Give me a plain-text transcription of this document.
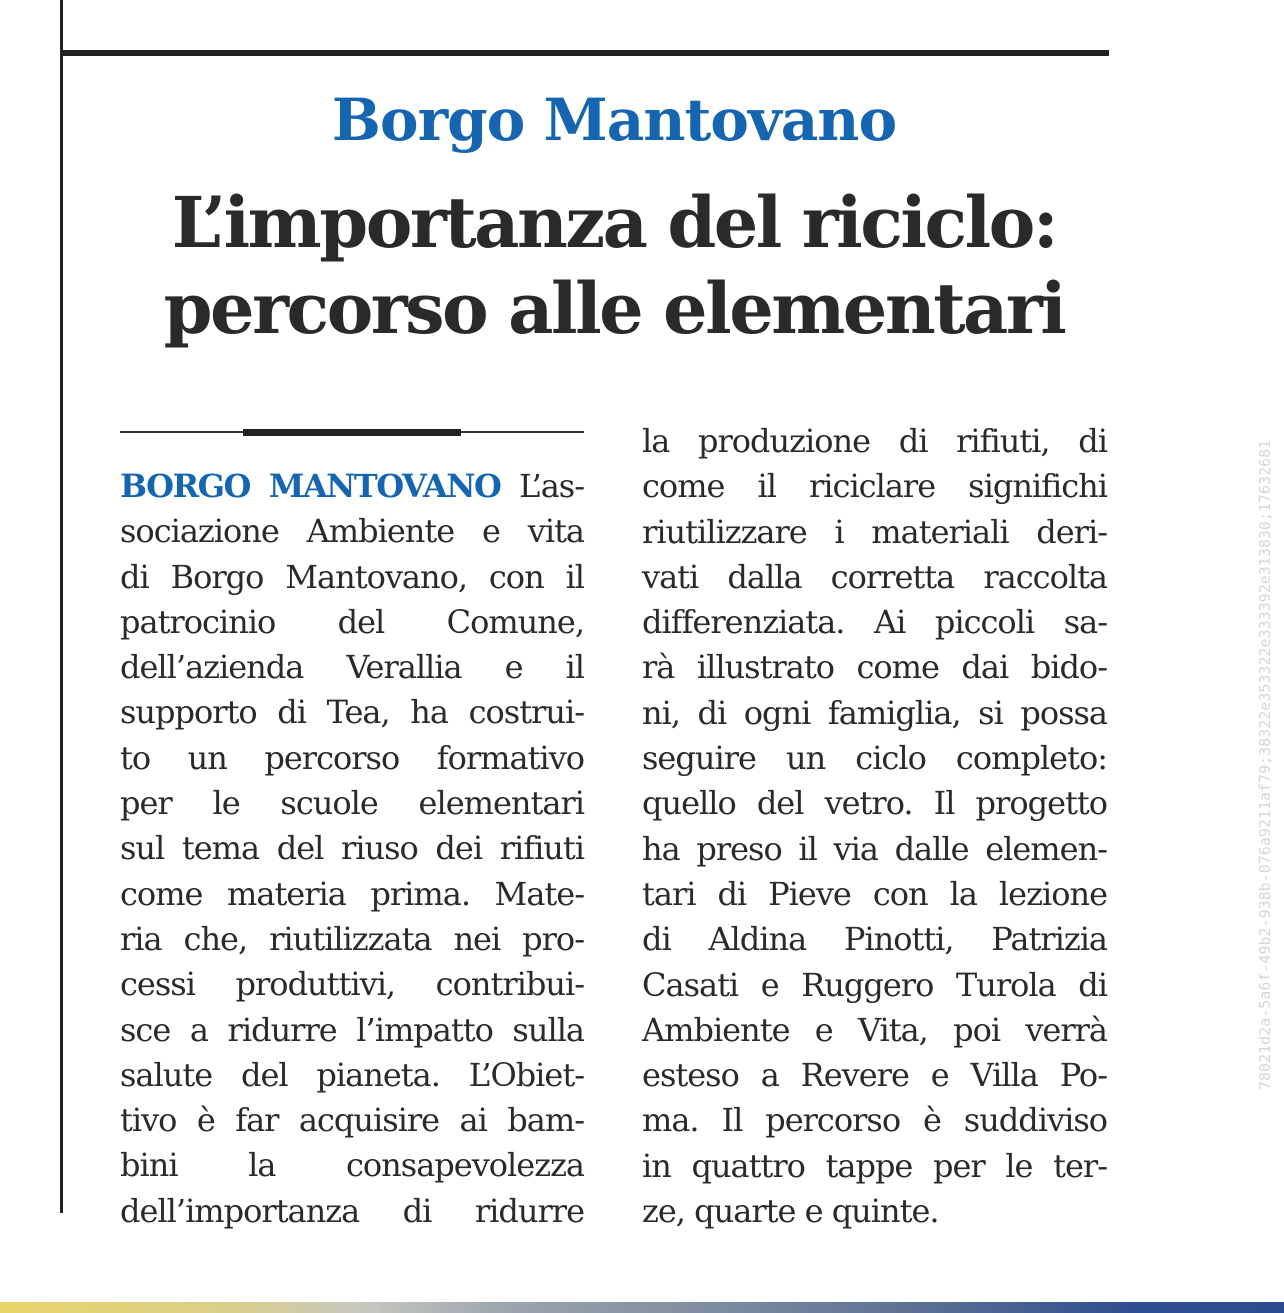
Borgo Mantovano
L’importanza del riciclo:
percorso alle elementari
BORGO MANTOVANO L’as-
sociazione Ambiente e vita
di Borgo Mantovano, con il
patrocinio del Comune,
dell’azienda Verallia e il
supporto di Tea, ha costrui-
to un percorso formativo
per le scuole elementari
sul tema del riuso dei rifiuti
come materia prima. Mate-
ria che, riutilizzata nei pro-
cessi produttivi, contribui-
sce a ridurre l’impatto sulla
salute del pianeta. L’Obiet-
tivo è far acquisire ai bam-
bini la consapevolezza
dell’importanza di ridurre
la produzione di rifiuti, di
come il riciclare significhi
riutilizzare i materiali deri-
vati dalla corretta raccolta
differenziata. Ai piccoli sa-
rà illustrato come dai bido-
ni, di ogni famiglia, si possa
seguire un ciclo completo:
quello del vetro. Il progetto
ha preso il via dalle elemen-
tari di Pieve con la lezione
di Aldina Pinotti, Patrizia
Casati e Ruggero Turola di
Ambiente e Vita, poi verrà
esteso a Revere e Villa Po-
ma. Il percorso è suddiviso
in quattro tappe per le ter-
ze, quarte e quinte.
78021d2a-5a6f-49b2-938b-076a9211af79;38322e353322e333392e313830;17632681
